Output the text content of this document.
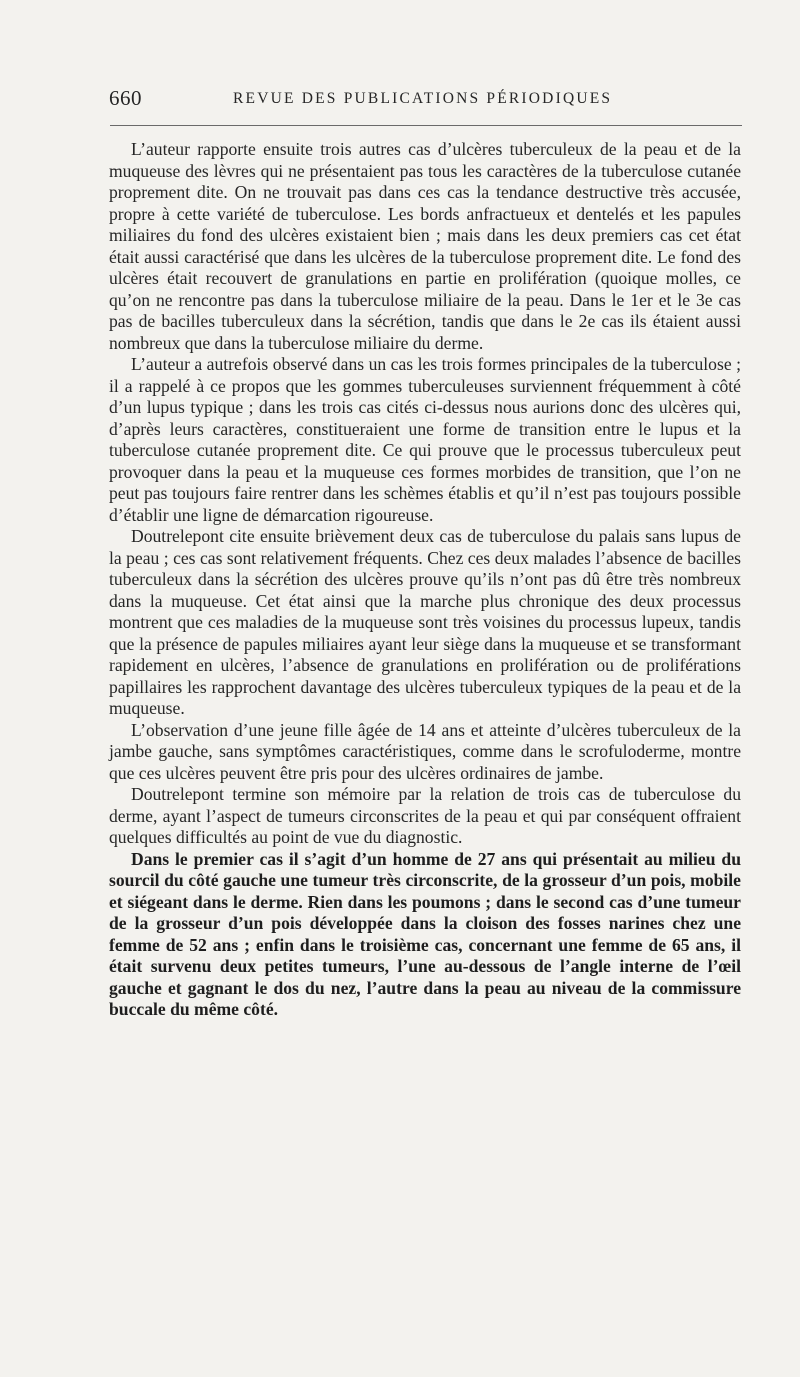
660	REVUE DES PUBLICATIONS PÉRIODIQUES

L’auteur rapporte ensuite trois autres cas d’ulcères tuberculeux de la peau et de la muqueuse des lèvres qui ne présentaient pas tous les caractères de la tuberculose cutanée proprement dite. On ne trouvait pas dans ces cas la tendance destructive très accusée, propre à cette variété de tuberculose. Les bords anfractueux et dentelés et les papules miliaires du fond des ulcères existaient bien ; mais dans les deux premiers cas cet état était aussi caractérisé que dans les ulcères de la tuberculose proprement dite. Le fond des ulcères était recouvert de granulations en partie en prolifération (quoique molles, ce qu’on ne rencontre pas dans la tuberculose miliaire de la peau. Dans le 1er et le 3e cas pas de bacilles tuberculeux dans la sécrétion, tandis que dans le 2e cas ils étaient aussi nombreux que dans la tuberculose miliaire du derme.

L’auteur a autrefois observé dans un cas les trois formes principales de la tuberculose ; il a rappelé à ce propos que les gommes tuberculeuses surviennent fréquemment à côté d’un lupus typique ; dans les trois cas cités ci-dessus nous aurions donc des ulcères qui, d’après leurs caractères, constitueraient une forme de transition entre le lupus et la tuberculose cutanée proprement dite. Ce qui prouve que le processus tuberculeux peut provoquer dans la peau et la muqueuse ces formes morbides de transition, que l’on ne peut pas toujours faire rentrer dans les schèmes établis et qu’il n’est pas toujours possible d’établir une ligne de démarcation rigoureuse.

Doutrelepont cite ensuite brièvement deux cas de tuberculose du palais sans lupus de la peau ; ces cas sont relativement fréquents. Chez ces deux malades l’absence de bacilles tuberculeux dans la sécrétion des ulcères prouve qu’ils n’ont pas dû être très nombreux dans la muqueuse. Cet état ainsi que la marche plus chronique des deux processus montrent que ces maladies de la muqueuse sont très voisines du processus lupeux, tandis que la présence de papules miliaires ayant leur siège dans la muqueuse et se transformant rapidement en ulcères, l’absence de granulations en prolifération ou de proliférations papillaires les rapprochent davantage des ulcères tuberculeux typiques de la peau et de la muqueuse.

L’observation d’une jeune fille âgée de 14 ans et atteinte d’ulcères tuberculeux de la jambe gauche, sans symptômes caractéristiques, comme dans le scrofuloderme, montre que ces ulcères peuvent être pris pour des ulcères ordinaires de jambe.

Doutrelepont termine son mémoire par la relation de trois cas de tuberculose du derme, ayant l’aspect de tumeurs circonscrites de la peau et qui par conséquent offraient quelques difficultés au point de vue du diagnostic.

Dans le premier cas il s’agit d’un homme de 27 ans qui présentait au milieu du sourcil du côté gauche une tumeur très circonscrite, de la grosseur d’un pois, mobile et siégeant dans le derme. Rien dans les poumons ; dans le second cas d’une tumeur de la grosseur d’un pois développée dans la cloison des fosses narines chez une femme de 52 ans ; enfin dans le troisième cas, concernant une femme de 65 ans, il était survenu deux petites tumeurs, l’une au-dessous de l’angle interne de l’œil gauche et gagnant le dos du nez, l’autre dans la peau au niveau de la commissure buccale du même côté.
